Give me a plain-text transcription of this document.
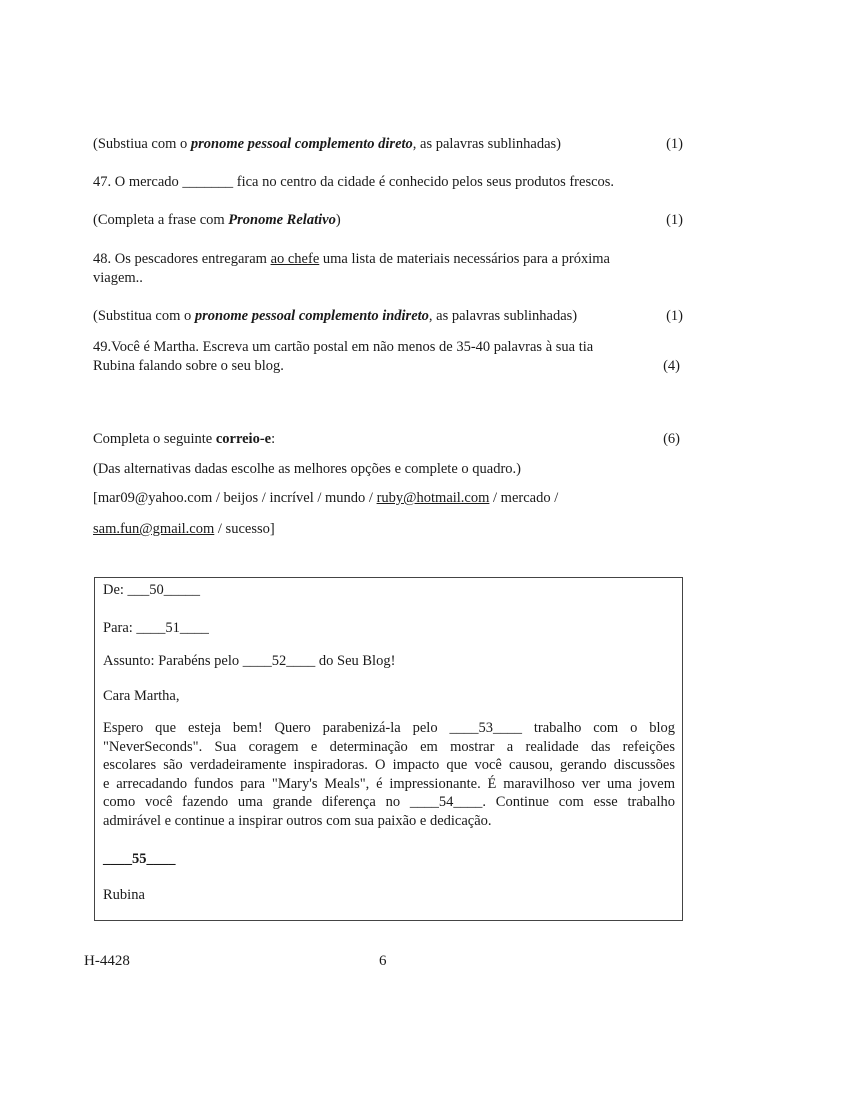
(Substiua com o pronome pessoal complemento direto, as palavras sublinhadas)	(1)
47. O mercado _______ fica no centro da cidade é conhecido pelos seus produtos frescos.
(Completa a frase com Pronome Relativo)	(1)
48. Os pescadores entregaram ao chefe uma lista de materiais necessários para a próxima
viagem..
(Substitua com o pronome pessoal complemento indireto, as palavras sublinhadas)	(1)
49.Você é Martha. Escreva um cartão postal em não menos de 35-40 palavras à sua tia
Rubina falando sobre o seu blog.	(4)
Completa o seguinte correio-e:	(6)
(Das alternativas dadas escolhe as melhores opções e complete o quadro.)
[mar09@yahoo.com / beijos / incrível / mundo / ruby@hotmail.com / mercado /
sam.fun@gmail.com / sucesso]
De: ___50_____
Para: ____51____
Assunto: Parabéns pelo ____52____ do Seu Blog!
Cara Martha,
Espero que esteja bem! Quero parabenizá-la pelo ____53____ trabalho com o blog
"NeverSeconds". Sua coragem e determinação em mostrar a realidade das refeições
escolares são verdadeiramente inspiradoras. O impacto que você causou, gerando discussões
e arrecadando fundos para "Mary's Meals", é impressionante. É maravilhoso ver uma jovem
como você fazendo uma grande diferença no ____54____. Continue com esse trabalho
admirável e continue a inspirar outros com sua paixão e dedicação.
____55____
Rubina
H-4428	6
